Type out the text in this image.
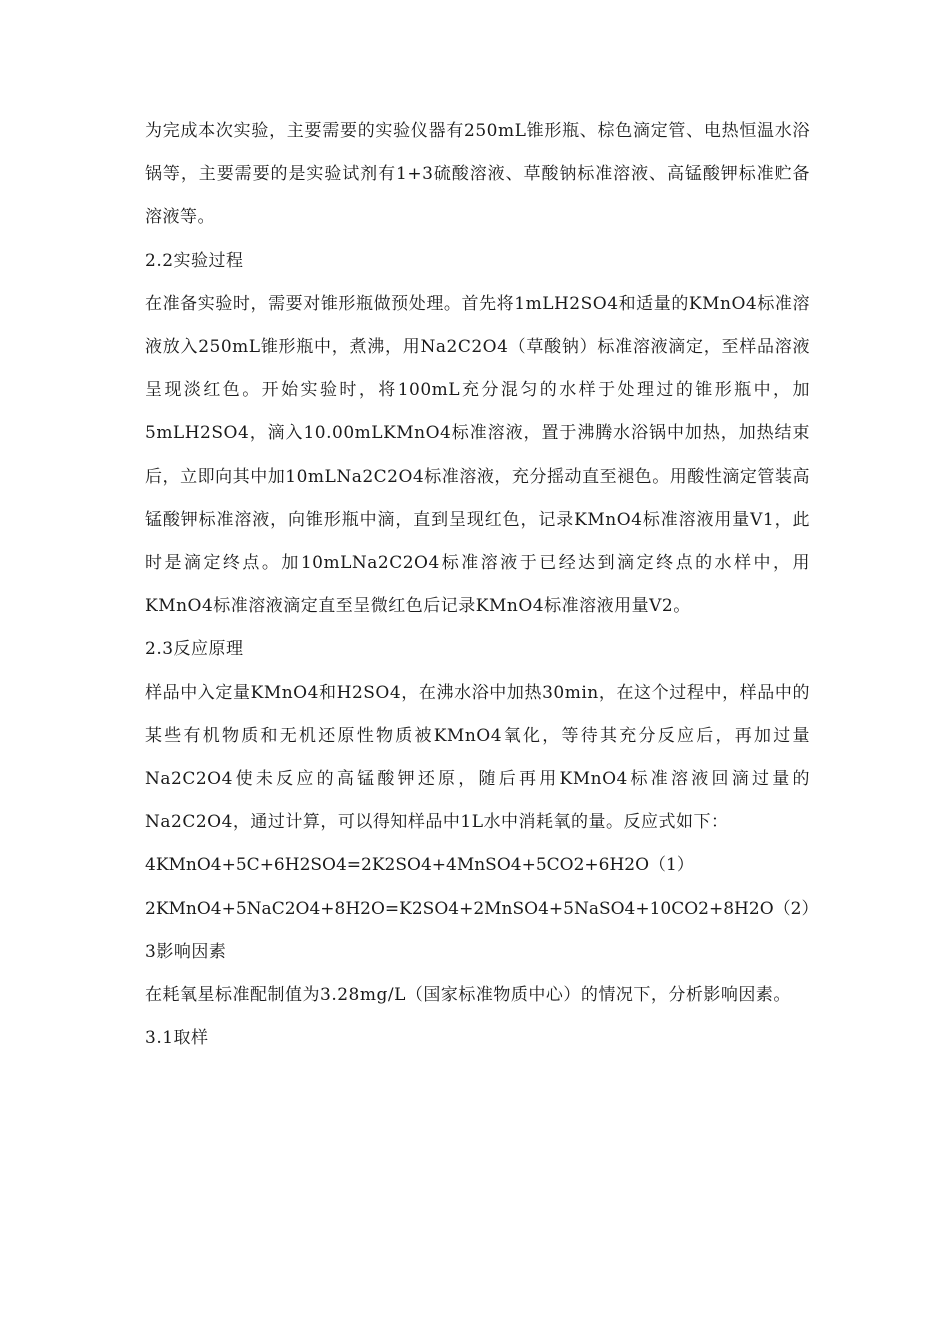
为完成本次实验，主要需要的实验仪器有250mL锥形瓶、棕色滴定管、电热恒温水浴锅等，主要需要的是实验试剂有1+3硫酸溶液、草酸钠标准溶液、高锰酸钾标准贮备溶液等。

2.2实验过程

在准备实验时，需要对锥形瓶做预处理。首先将1mLH2SO4和适量的KMnO4标准溶液放入250mL锥形瓶中，煮沸，用Na2C2O4（草酸钠）标准溶液滴定，至样品溶液呈现淡红色。开始实验时，将100mL充分混匀的水样于处理过的锥形瓶中，加5mLH2SO4，滴入10.00mLKMnO4标准溶液，置于沸腾水浴锅中加热，加热结束后，立即向其中加10mLNa2C2O4标准溶液，充分摇动直至褪色。用酸性滴定管装高锰酸钾标准溶液，向锥形瓶中滴，直到呈现红色，记录KMnO4标准溶液用量V1，此时是滴定终点。加10mLNa2C2O4标准溶液于已经达到滴定终点的水样中，用KMnO4标准溶液滴定直至呈微红色后记录KMnO4标准溶液用量V2。

2.3反应原理

样品中入定量KMnO4和H2SO4，在沸水浴中加热30min，在这个过程中，样品中的某些有机物质和无机还原性物质被KMnO4氧化，等待其充分反应后，再加过量Na2C2O4使未反应的高锰酸钾还原，随后再用KMnO4标准溶液回滴过量的Na2C2O4，通过计算，可以得知样品中1L水中消耗氧的量。反应式如下：

4KMnO4+5C+6H2SO4=2K2SO4+4MnSO4+5CO2+6H2O（1）

2KMnO4+5NaC2O4+8H2O=K2SO4+2MnSO4+5NaSO4+10CO2+8H2O（2）

3影响因素

在耗氧星标准配制值为3.28mg/L（国家标准物质中心）的情况下，分析影响因素。

3.1取样
